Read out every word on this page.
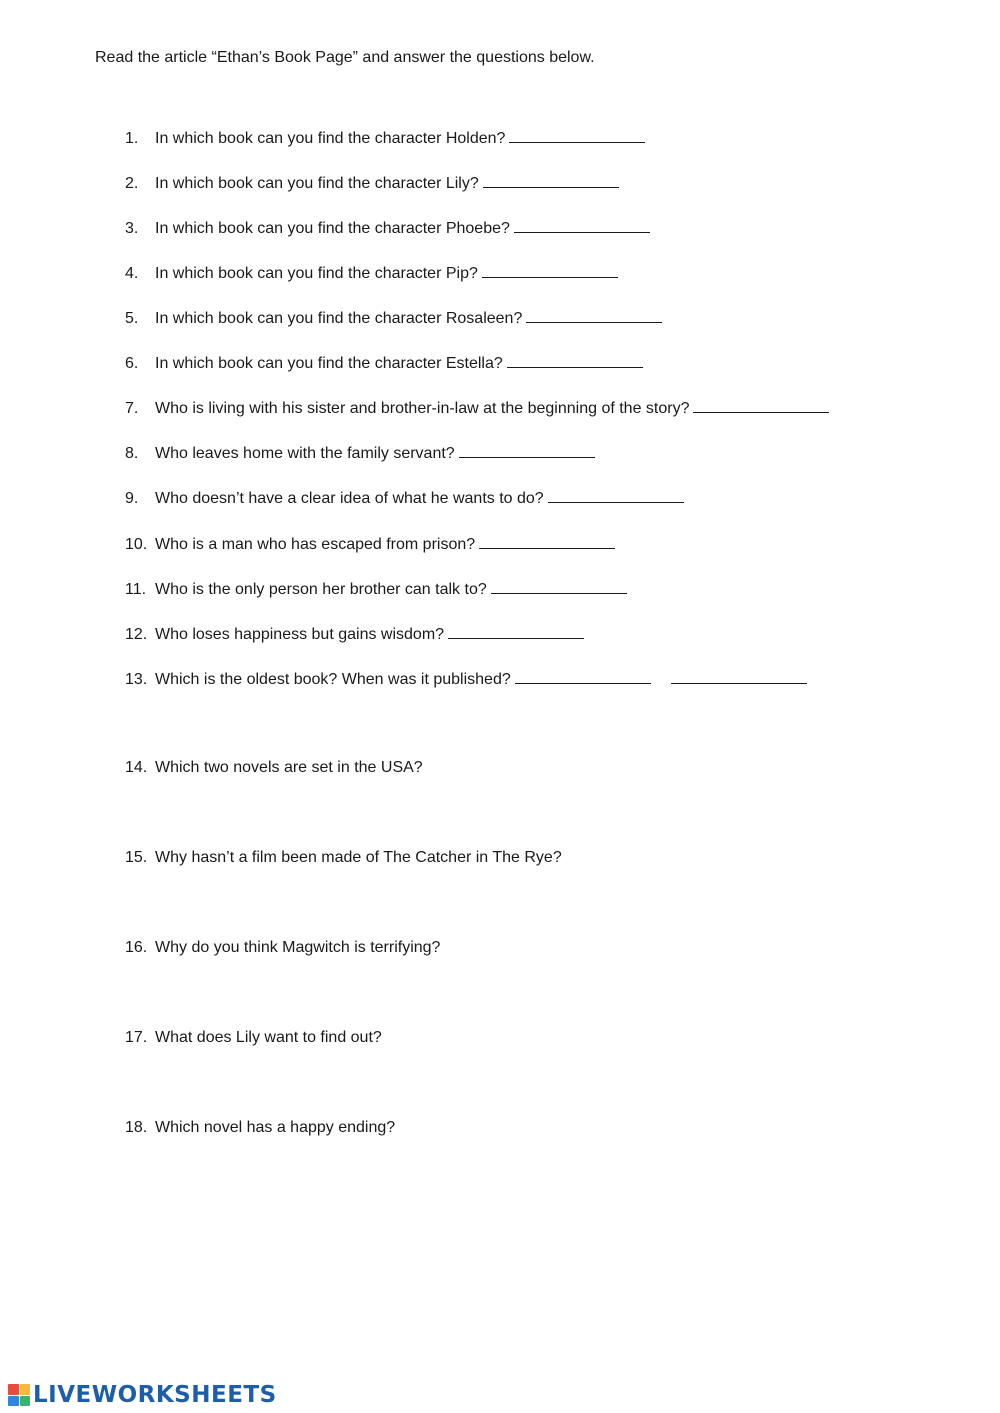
Read the article “Ethan’s Book Page” and answer the questions below.
1. In which book can you find the character Holden?
2. In which book can you find the character Lily?
3. In which book can you find the character Phoebe?
4. In which book can you find the character Pip?
5. In which book can you find the character Rosaleen?
6. In which book can you find the character Estella?
7. Who is living with his sister and brother-in-law at the beginning of the story?
8. Who leaves home with the family servant?
9. Who doesn’t have a clear idea of what he wants to do?
10. Who is a man who has escaped from prison?
11. Who is the only person her brother can talk to?
12. Who loses happiness but gains wisdom?
13. Which is the oldest book? When was it published?
14. Which two novels are set in the USA?
15. Why hasn’t a film been made of The Catcher in The Rye?
16. Why do you think Magwitch is terrifying?
17. What does Lily want to find out?
18. Which novel has a happy ending?
LIVEWORKSHEETS
